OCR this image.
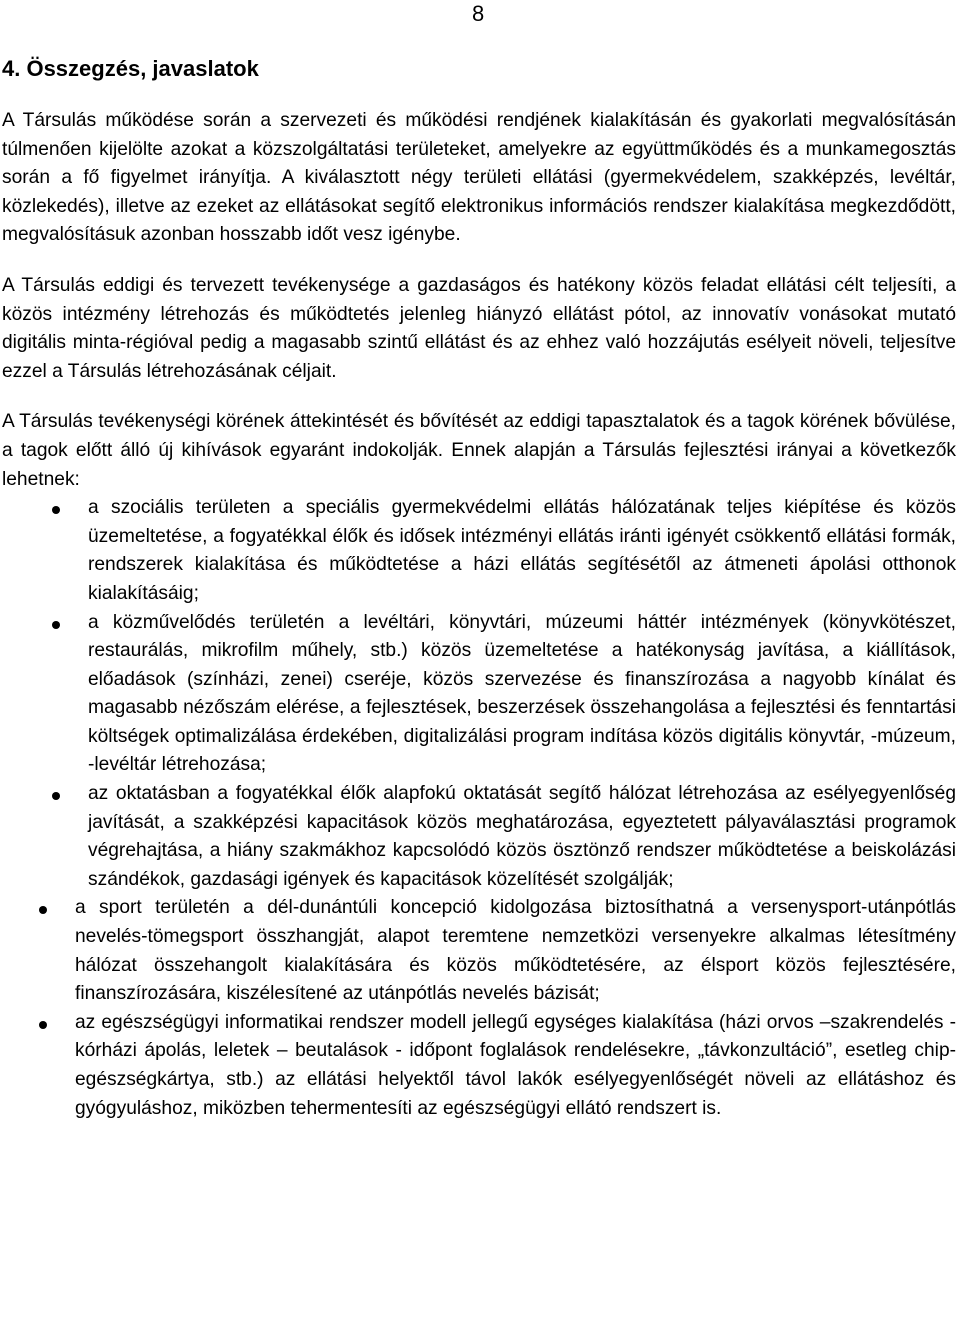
8
4. Összegzés, javaslatok

A Társulás működése során a szervezeti és működési rendjének kialakításán és gyakorlati megvalósításán túlmenően kijelölte azokat a közszolgáltatási területeket, amelyekre az együttműködés és a munkamegosztás során a fő figyelmet irányítja. A kiválasztott négy területi ellátási (gyermekvédelem, szakképzés, levéltár, közlekedés), illetve az ezeket az ellátásokat segítő elektronikus információs rendszer kialakítása megkezdődött, megvalósításuk azonban hosszabb időt vesz igénybe.

A Társulás eddigi és tervezett tevékenysége a gazdaságos és hatékony közös feladat ellátási célt teljesíti, a közös intézmény létrehozás és működtetés jelenleg hiányzó ellátást pótol, az innovatív vonásokat mutató digitális minta-régióval pedig a magasabb szintű ellátást és az ehhez való hozzájutás esélyeit növeli, teljesítve ezzel a Társulás létrehozásának céljait.

A Társulás tevékenységi körének áttekintését és bővítését az eddigi tapasztalatok és a tagok körének bővülése, a tagok előtt álló új kihívások egyaránt indokolják. Ennek alapján a Társulás fejlesztési irányai a következők lehetnek:

a szociális területen a speciális gyermekvédelmi ellátás hálózatának teljes kiépítése és közös üzemeltetése, a fogyatékkal élők és idősek intézményi ellátás iránti igényét csökkentő ellátási formák, rendszerek kialakítása és működtetése a házi ellátás segítésétől az átmeneti ápolási otthonok kialakításáig;
a közművelődés területén a levéltári, könyvtári, múzeumi háttér intézmények (könyvkötészet, restaurálás, mikrofilm műhely, stb.) közös üzemeltetése a hatékonyság javítása, a kiállítások, előadások (színházi, zenei) cseréje, közös szervezése és finanszírozása a nagyobb kínálat és magasabb nézőszám elérése, a fejlesztések, beszerzések összehangolása a fejlesztési és fenntartási költségek optimalizálása érdekében, digitalizálási program indítása közös digitális könyvtár, -múzeum, -levéltár létrehozása;
az oktatásban a fogyatékkal élők alapfokú oktatását segítő hálózat létrehozása az esélyegyenlőség javítását, a szakképzési kapacitások közös meghatározása, egyeztetett pályaválasztási programok végrehajtása, a hiány szakmákhoz kapcsolódó közös ösztönző rendszer működtetése a beiskolázási szándékok, gazdasági igények és kapacitások közelítését szolgálják;
a sport területén a dél-dunántúli koncepció kidolgozása biztosíthatná a versenysport-utánpótlás nevelés-tömegsport összhangját, alapot teremtene nemzetközi versenyekre alkalmas létesítmény hálózat összehangolt kialakítására és közös működtetésére, az élsport közös fejlesztésére, finanszírozására, kiszélesítené az utánpótlás nevelés bázisát;
az egészségügyi informatikai rendszer modell jellegű egységes kialakítása (házi orvos –szakrendelés - kórházi ápolás, leletek – beutalások - időpont foglalások rendelésekre, „távkonzultáció”, esetleg chip-egészségkártya, stb.) az ellátási helyektől távol lakók esélyegyenlőségét növeli az ellátáshoz és gyógyuláshoz, miközben tehermentesíti az egészségügyi ellátó rendszert is.
